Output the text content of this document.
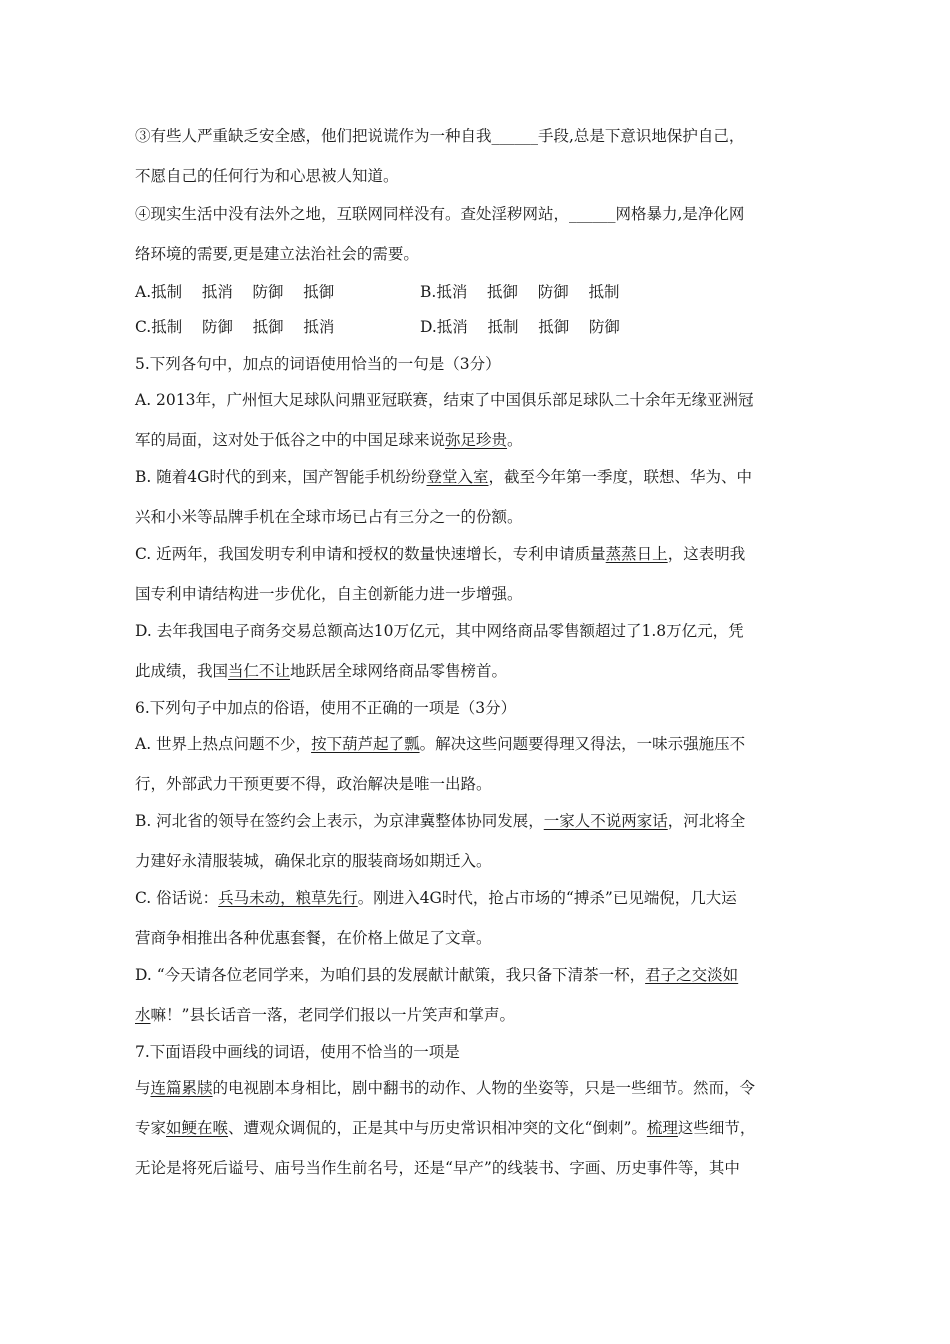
③有些人严重缺乏安全感，他们把说谎作为一种自我______手段,总是下意识地保护自己，
不愿自己的任何行为和心思被人知道。
④现实生活中没有法外之地，互联网同样没有。查处淫秽网站，______网格暴力,是净化网
络环境的需要,更是建立法治社会的需要。
A.抵制    抵消    防御    抵御	B.抵消    抵御    防御    抵制
C.抵制    防御    抵御    抵消	D.抵消    抵制    抵御    防御
5.下列各句中，加点的词语使用恰当的一句是（3分）
A. 2013年，广州恒大足球队问鼎亚冠联赛，结束了中国俱乐部足球队二十余年无缘亚洲冠
军的局面，这对处于低谷之中的中国足球来说弥足珍贵。
B. 随着4G时代的到来，国产智能手机纷纷登堂入室，截至今年第一季度，联想、华为、中
兴和小米等品牌手机在全球市场已占有三分之一的份额。
C. 近两年，我国发明专利申请和授权的数量快速增长，专利申请质量蒸蒸日上，这表明我
国专利申请结构进一步优化，自主创新能力进一步增强。
D. 去年我国电子商务交易总额高达10万亿元，其中网络商品零售额超过了1.8万亿元，凭
此成绩，我国当仁不让地跃居全球网络商品零售榜首。
6.下列句子中加点的俗语，使用不正确的一项是（3分）
A. 世界上热点问题不少，按下葫芦起了瓢。解决这些问题要得理又得法，一味示强施压不
行，外部武力干预更要不得，政治解决是唯一出路。
B. 河北省的领导在签约会上表示，为京津冀整体协同发展，一家人不说两家话，河北将全
力建好永清服装城，确保北京的服装商场如期迁入。
C. 俗话说：兵马未动，粮草先行。刚进入4G时代，抢占市场的“搏杀”已见端倪，几大运
营商争相推出各种优惠套餐，在价格上做足了文章。
D. “今天请各位老同学来，为咱们县的发展献计献策，我只备下清茶一杯，君子之交淡如
水嘛！”县长话音一落，老同学们报以一片笑声和掌声。
7.下面语段中画线的词语，使用不恰当的一项是
与连篇累牍的电视剧本身相比，剧中翻书的动作、人物的坐姿等，只是一些细节。然而，令
专家如鲠在喉、遭观众调侃的，正是其中与历史常识相冲突的文化“倒刺”。梳理这些细节，
无论是将死后谥号、庙号当作生前名号，还是“早产”的线装书、字画、历史事件等，其中
